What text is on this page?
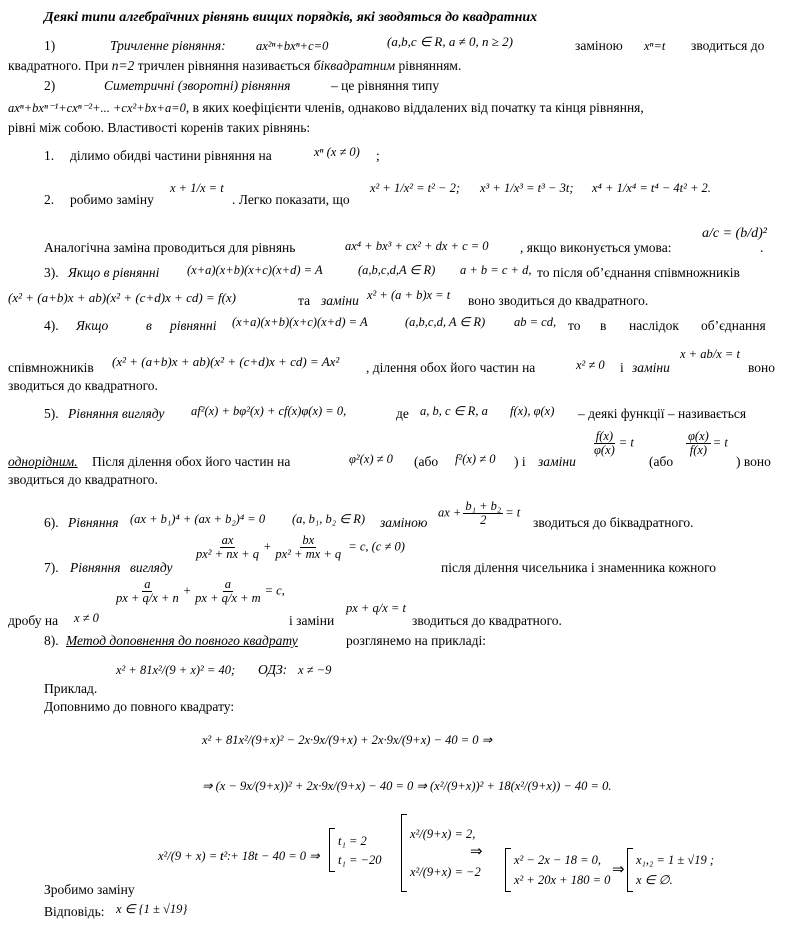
Деякі типи алгебраїчних рівнянь вищих порядків, які зводяться до квадратних
1)	Тричленне рівняння: ax²ⁿ+bxⁿ+c=0	(a,b,c ∈ R, a ≠ 0, n ≥ 2)	заміною xⁿ=t зводиться до
квадратного. При n=2 тричлен рівняння називається біквадратним рівнянням.
2)	Симетричні (зворотні) рівняння	– це рівняння типу
axⁿ+bxⁿ⁻¹+cxⁿ⁻²+... +cx²+bx+a=0, в яких коефіцієнти членів, однаково віддалених від початку та кінця рівняння,
рівні між собою. Властивості коренів таких рівнянь:
1. ділимо обидві частини рівняння на	xⁿ (x ≠ 0) ;
2. робимо заміну
x + 1/x = t
. Легко показати, що
x² + 1/x² = t² − 2; x³ + 1/x³ = t³ − 3t; x⁴ + 1/x⁴ = t⁴ − 4t² + 2.
Аналогічна заміна проводиться для рівнянь	ax⁴ + bx³ + cx² + dx + c = 0 , якщо виконується умова:
a/c = (b/d)²
.
3). Якщо в рівнянні (x+a)(x+b)(x+c)(x+d) = A	(a,b,c,d,A ∈ R) a + b = c + d, то після об’єднання співмножників
(x² + (a+b)x + ab)(x² + (c+d)x + cd) = f(x)	та заміни x² + (a + b)x = t воно зводиться до квадратного.
4). Якщо	в рівнянні (x+a)(x+b)(x+c)(x+d) = A	(a,b,c,d, A ∈ R) ab = cd, то в наслідок об’єднання
співмножників (x² + (a+b)x + ab)(x² + (c+d)x + cd) = Ax² , ділення обох його частин на	x² ≠ 0 і заміни
x + ab/x = t
воно
зводиться до квадратного.
5). Рівняння вигляду af²(x) + bφ²(x) + cf(x)φ(x) = 0,	де a, b, c ∈ R, a f(x), φ(x) – деякі функції – називається
однорідним. Після ділення обох його частин на	φ²(x) ≠ 0 (або f²(x) ≠ 0 ) і заміни
$\frac{f(x)}{\varphi(x)} = t$
(або
$\frac{\varphi(x)}{f(x)} = t$
) воно
зводиться до квадратного.
6). Рівняння (ax + b₁)⁴ + (ax + b₂)⁴ = 0 (a, b₁, b₂ ∈ R) заміною
ax + $\frac{\text{b₁ + b₂}}{2} = t$
зводиться до біквадратного.
7). Рівняння вигляду
$\frac{ax}{\text{px² + nx + q}} + \frac{bx}{\text{px² + mx + q}} = c$, (c ≠ 0)
після ділення чисельника і знаменника кожного
дробу на x ≠ 0
$\frac{a}{px + q/x + n} + \frac{a}{px + q/x + m} = c$,
і заміни
px + q/x = t
зводиться до квадратного.
8). Метод доповнення до повного квадрату	розглянемо на прикладі:
x² + 81x²/(9 + x)² = 40; ОДЗ: x ≠ −9
Приклад.
Доповнимо до повного квадрату:
x² + 81x²/(9+x)² − 2x·9x/(9+x) + 2x·9x/(9+x) − 40 = 0 ⇒
⇒ (x − 9x/(9+x))² + 2x·9x/(9+x) − 40 = 0 ⇒ (x²/(9+x))² + 18(x²/(9+x)) − 40 = 0.
x²/(9 + x) = t :
t² + 18t − 40 = 0 ⇒
t₁ = 2
t₁ = −20
x²/(9+x) = 2,
x²/(9+x) = −2
⇒	x² − 2x − 18 = 0,
x² + 20x + 180 = 0
⇒
x₁,₂ = 1 ± √19 ;
x ∈ ∅.
Зробимо заміну
Відповідь: x ∈ {1 ± √19}
